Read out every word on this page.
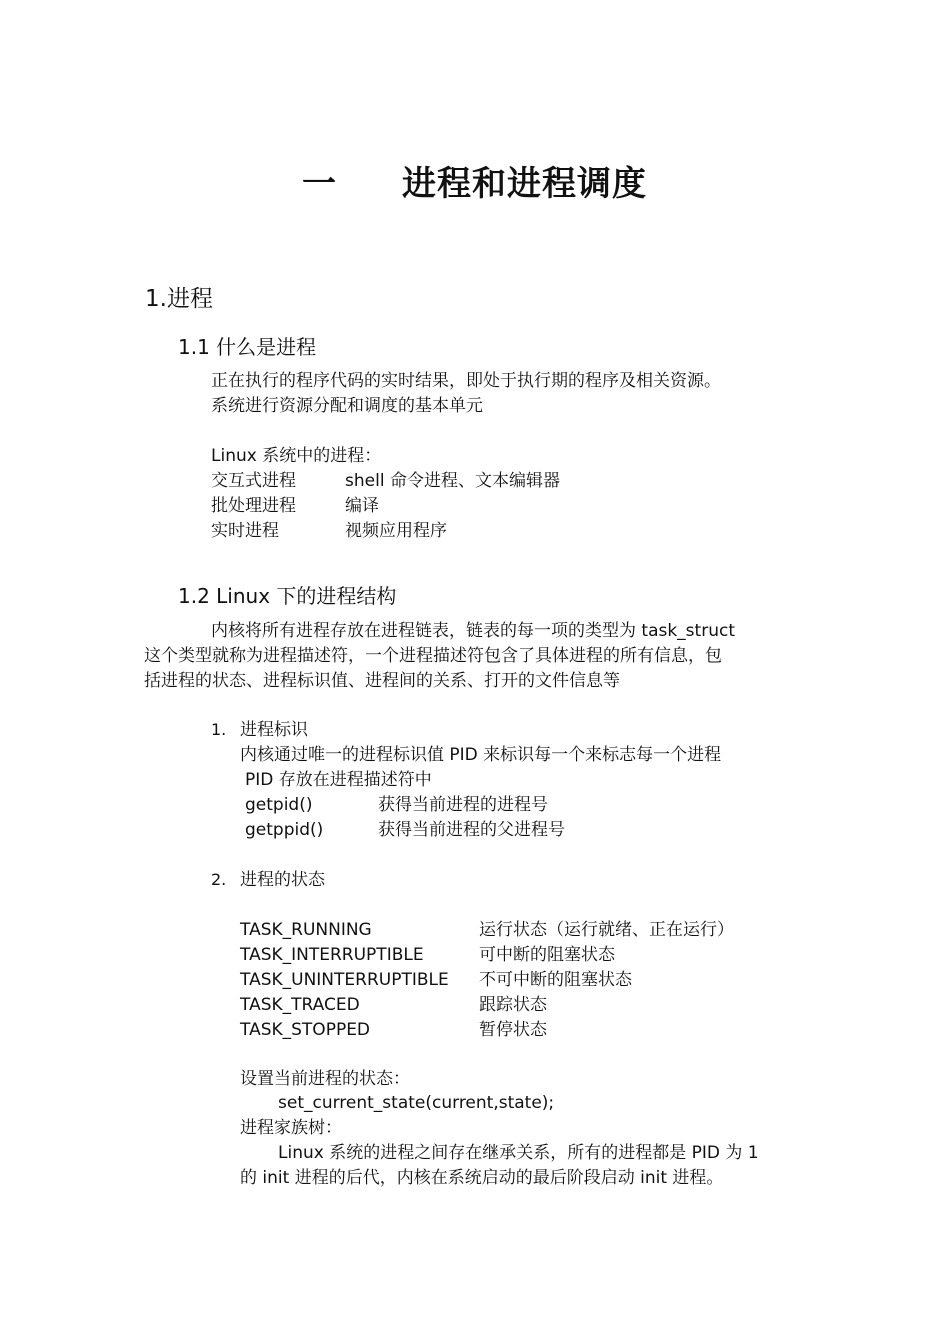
一 进程和进程调度
1.进程
1.1 什么是进程
正在执行的程序代码的实时结果，即处于执行期的程序及相关资源。
系统进行资源分配和调度的基本单元
Linux 系统中的进程：
交互式进程	shell 命令进程、文本编辑器
批处理进程	编译
实时进程	视频应用程序
1.2 Linux 下的进程结构
内核将所有进程存放在进程链表，链表的每一项的类型为 task_struct
这个类型就称为进程描述符，一个进程描述符包含了具体进程的所有信息，包
括进程的状态、进程标识值、进程间的关系、打开的文件信息等
1. 进程标识
内核通过唯一的进程标识值 PID 来标识每一个来标志每一个进程
PID 存放在进程描述符中
getpid()	获得当前进程的进程号
getppid()	获得当前进程的父进程号
2. 进程的状态
TASK_RUNNING	运行状态（运行就绪、正在运行）
TASK_INTERRUPTIBLE	可中断的阻塞状态
TASK_UNINTERRUPTIBLE 不可中断的阻塞状态
TASK_TRACED	跟踪状态
TASK_STOPPED	暂停状态
设置当前进程的状态：
set_current_state(current,state);
进程家族树：
Linux 系统的进程之间存在继承关系，所有的进程都是 PID 为 1
的 init 进程的后代，内核在系统启动的最后阶段启动 init 进程。
